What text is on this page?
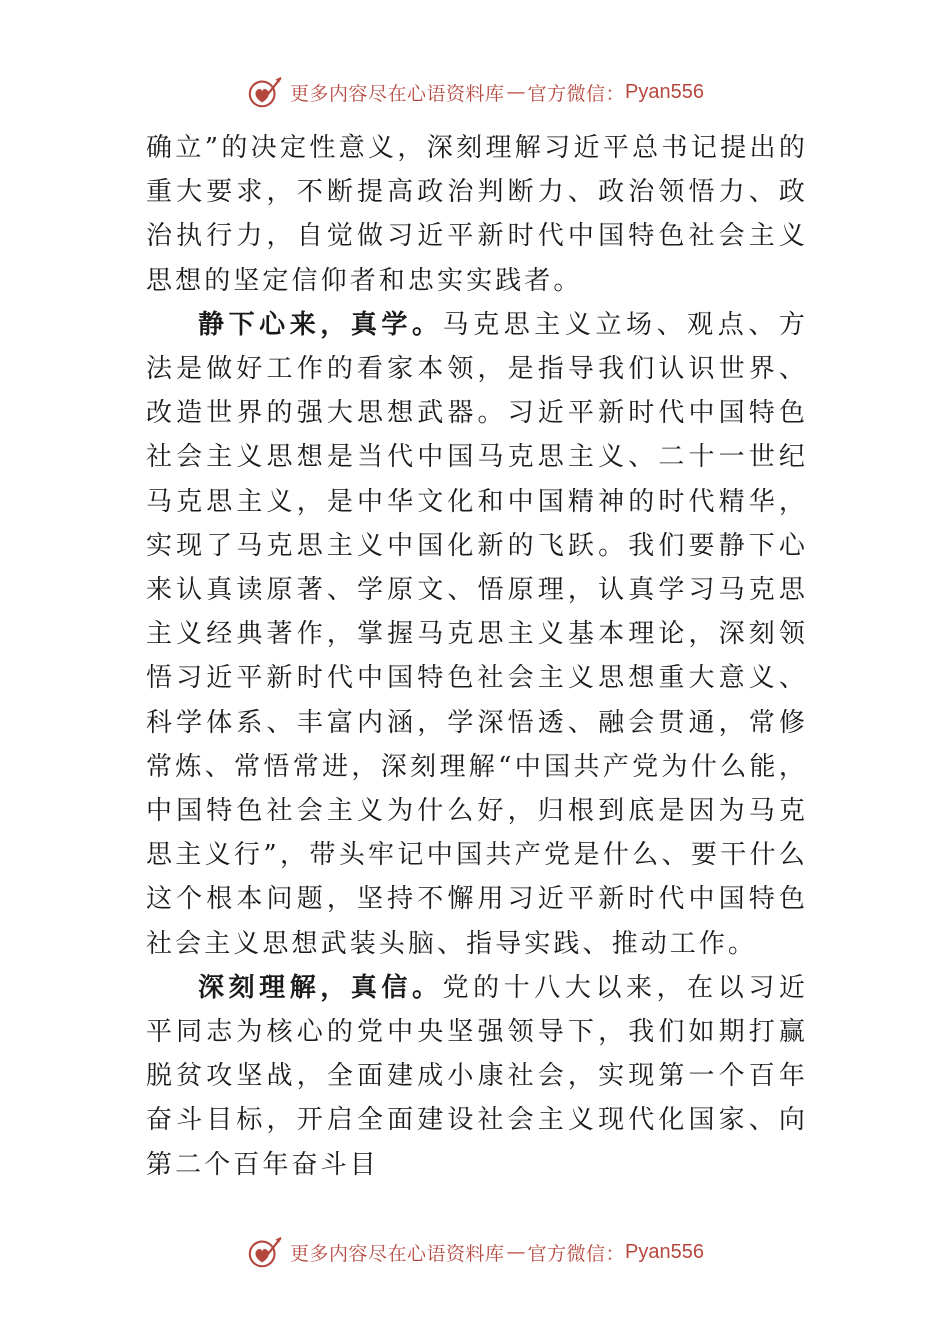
更多内容尽在心语资料库 — 官方微信： Pyan556

确立”的决定性意义，深刻理解习近平总书记提出的重大要求，不断提高政治判断力、政治领悟力、政治执行力，自觉做习近平新时代中国特色社会主义思想的坚定信仰者和忠实实践者。

静下心来，真学。马克思主义立场、观点、方法是做好工作的看家本领，是指导我们认识世界、改造世界的强大思想武器。习近平新时代中国特色社会主义思想是当代中国马克思主义、二十一世纪马克思主义，是中华文化和中国精神的时代精华，实现了马克思主义中国化新的飞跃。我们要静下心来认真读原著、学原文、悟原理，认真学习马克思主义经典著作，掌握马克思主义基本理论，深刻领悟习近平新时代中国特色社会主义思想重大意义、科学体系、丰富内涵，学深悟透、融会贯通，常修常炼、常悟常进，深刻理解“中国共产党为什么能，中国特色社会主义为什么好，归根到底是因为马克思主义行”，带头牢记中国共产党是什么、要干什么这个根本问题，坚持不懈用习近平新时代中国特色社会主义思想武装头脑、指导实践、推动工作。

深刻理解，真信。党的十八大以来，在以习近平同志为核心的党中央坚强领导下，我们如期打赢脱贫攻坚战，全面建成小康社会，实现第一个百年奋斗目标，开启全面建设社会主义现代化国家、向第二个百年奋斗目

更多内容尽在心语资料库 — 官方微信： Pyan556
